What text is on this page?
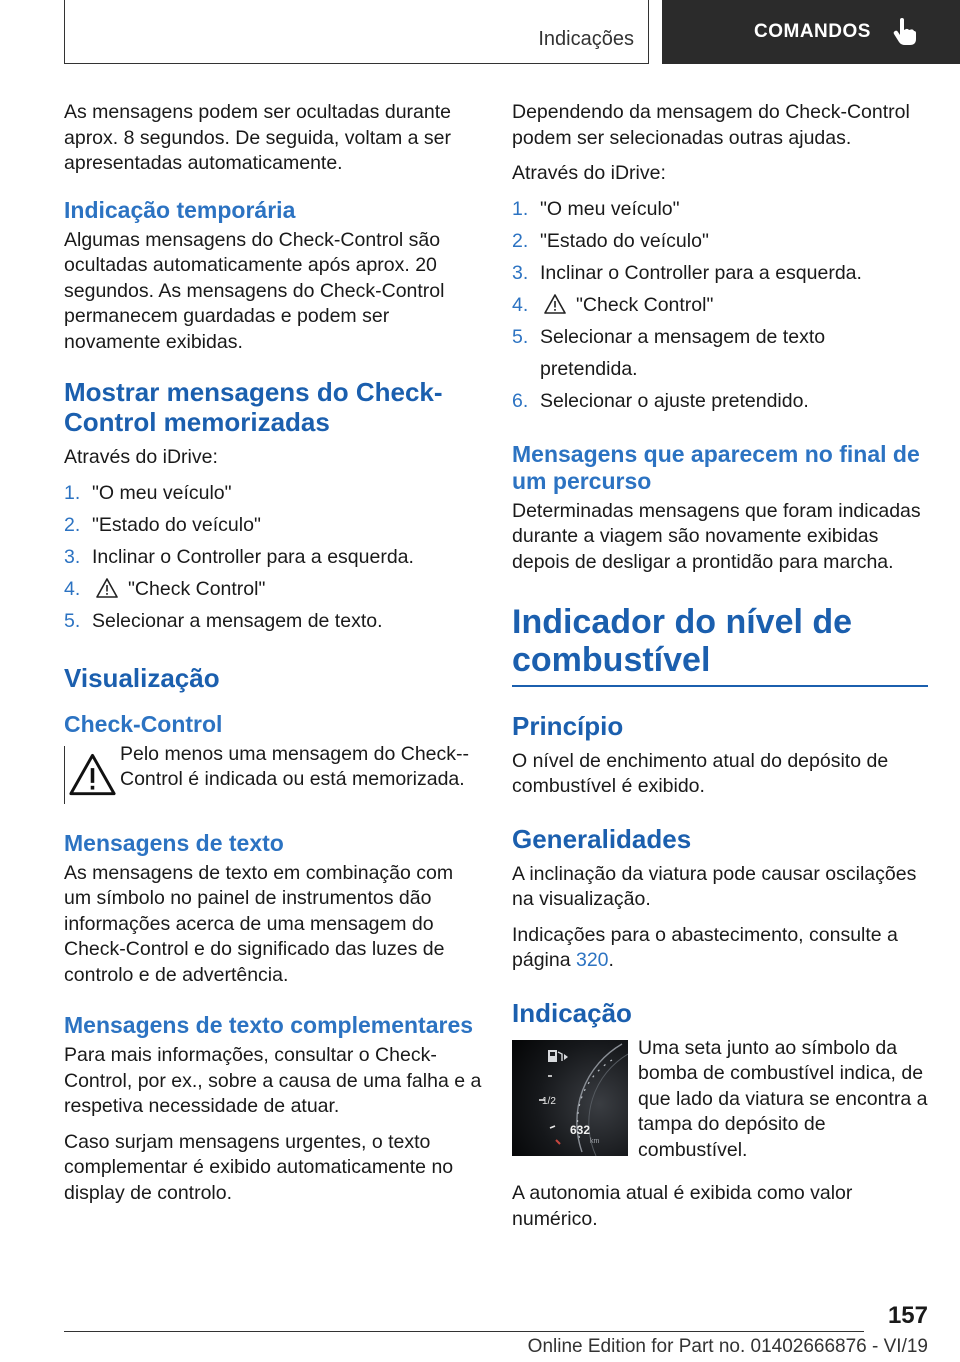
Indicações	COMANDOS

As mensagens podem ser ocultadas durante aprox. 8 segundos. De seguida, voltam a ser apresentadas automaticamente.

Indicação temporária

Algumas mensagens do Check-Control são ocultadas automaticamente após aprox. 20 segundos. As mensagens do Check-Control permanecem guardadas e podem ser novamente exibidas.

Mostrar mensagens do Check-Control memorizadas

Através do iDrive:

1. "O meu veículo"
2. "Estado do veículo"
3. Inclinar o Controller para a esquerda.
4.	"Check Control"
5. Selecionar a mensagem de texto.
Visualização
Check-Control

Pelo menos uma mensagem do Check--Control é indicada ou está memorizada.

Mensagens de texto

As mensagens de texto em combinação com um símbolo no painel de instrumentos dão informações acerca de uma mensagem do Check-Control e do significado das luzes de controlo e de advertência.

Mensagens de texto complementares

Para mais informações, consultar o Check-Control, por ex., sobre a causa de uma falha e a respetiva necessidade de atuar.

Caso surjam mensagens urgentes, o texto complementar é exibido automaticamente no display de controlo.

Dependendo da mensagem do Check-Control podem ser selecionadas outras ajudas.

Através do iDrive:

1. "O meu veículo"
2. "Estado do veículo"
3. Inclinar o Controller para a esquerda.
4.	"Check Control"
5. Selecionar a mensagem de texto pretendida.
6. Selecionar o ajuste pretendido.
Mensagens que aparecem no final de um percurso

Determinadas mensagens que foram indicadas durante a viagem são novamente exibidas depois de desligar a prontidão para marcha.

Indicador do nível de combustível
Princípio

O nível de enchimento atual do depósito de combustível é exibido.

Generalidades

A inclinação da viatura pode causar oscilações na visualização.

Indicações para o abastecimento, consulte a página 320.

Indicação
1/2
632
km

Uma seta junto ao símbolo da bomba de combustível indica, de que lado da viatura se encontra a tampa do depósito de combustível.

A autonomia atual é exibida como valor numérico.

157
Online Edition for Part no. 01402666876 - VI/19
